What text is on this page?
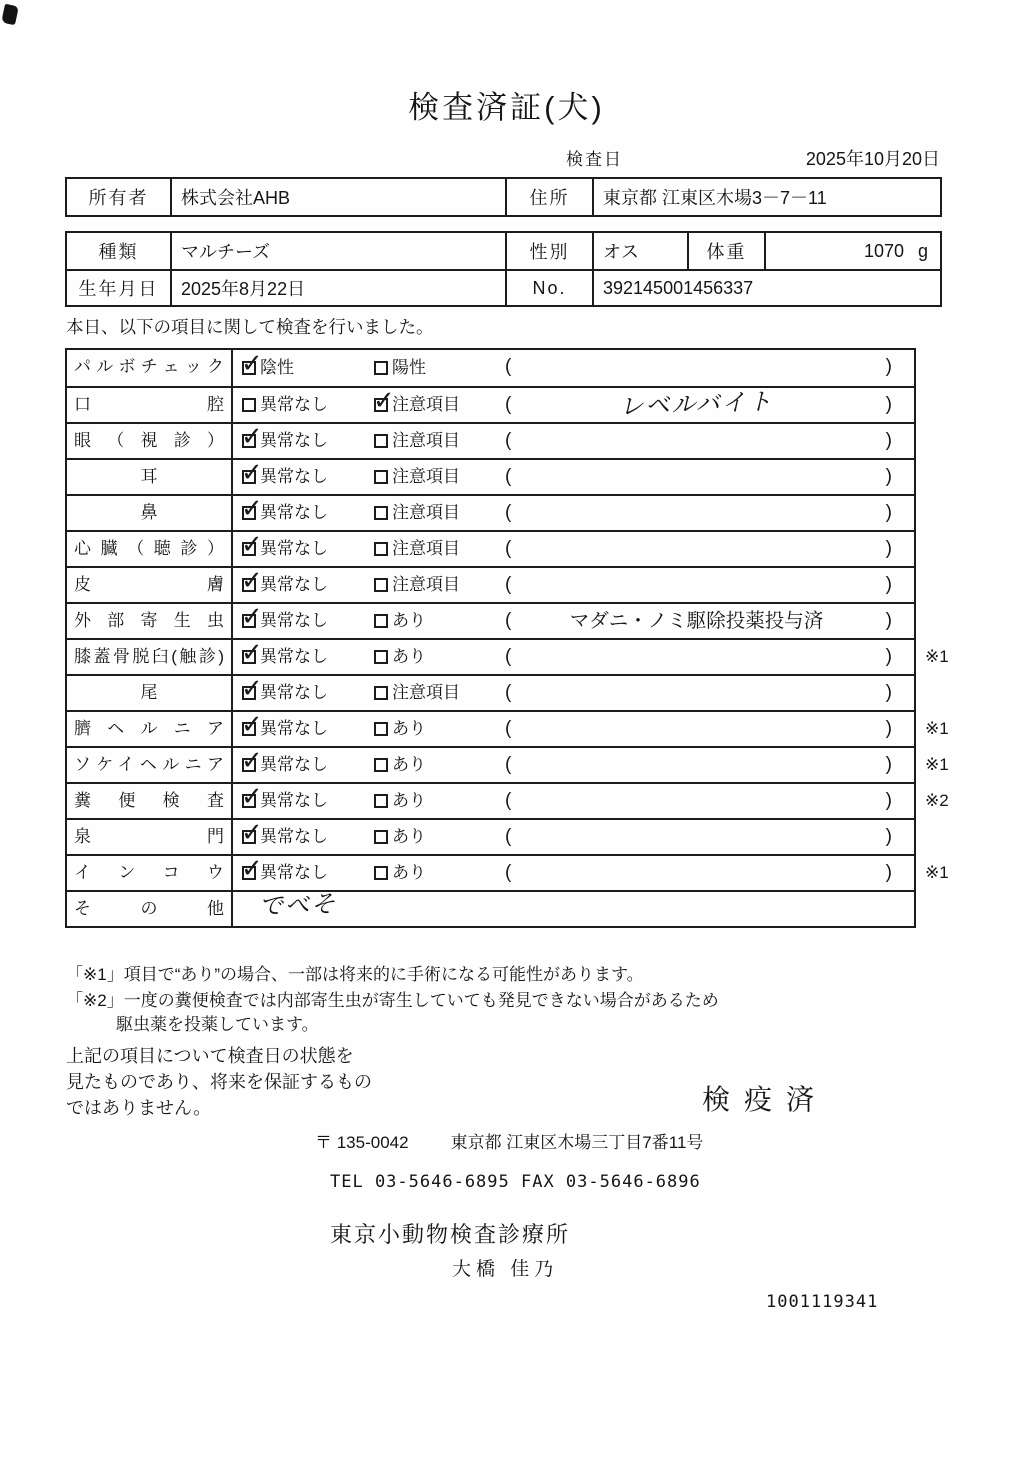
検査済証(犬)
検査日	2025年10月20日
所有者	株式会社AHB	住所	東京都 江東区木場3－7－11
種類	マルチーズ	性別	オス	体重	1070 g
生年月日	2025年8月22日	No.	392145001456337
本日、以下の項目に関して検査を行いました。
パルボチェック ✓	陰性	陽性	(	)
口腔	異常なし ✓	注意項目 (	レベルバイト	)
眼（視診） ✓	異常なし	注意項目 (	)
耳 ✓	異常なし	注意項目 (	)
鼻 ✓	異常なし	注意項目 (	)
心臓（聴診） ✓	異常なし	注意項目 (	)
皮膚 ✓	異常なし	注意項目 (	)
外部寄生虫 ✓	異常なし	あり	(	マダニ・ノミ駆除投薬投与済	)
膝蓋骨脱臼(触診) ✓	異常なし	あり	(	) ※1
尾 ✓	異常なし	注意項目 (	)
臍ヘルニア ✓	異常なし	あり	(	) ※1
ソケイヘルニア ✓	異常なし	あり	(	) ※1
糞便検査 ✓	異常なし	あり	(	) ※2
泉門 ✓	異常なし	あり	(	)
インコウ ✓	異常なし	あり	(	) ※1
その他	でべそ
「※1」項目で“あり”の場合、一部は将来的に手術になる可能性があります。
「※2」一度の糞便検査では内部寄生虫が寄生していても発見できない場合があるため
駆虫薬を投薬しています。
上記の項目について検査日の状態を
見たものであり、将来を保証するもの
ではありません。	検疫済
〒 135-0042 東京都 江東区木場三丁目7番11号
TEL 03-5646-6895 FAX 03-5646-6896
東京小動物検査診療所
大橋 佳乃
1001119341
